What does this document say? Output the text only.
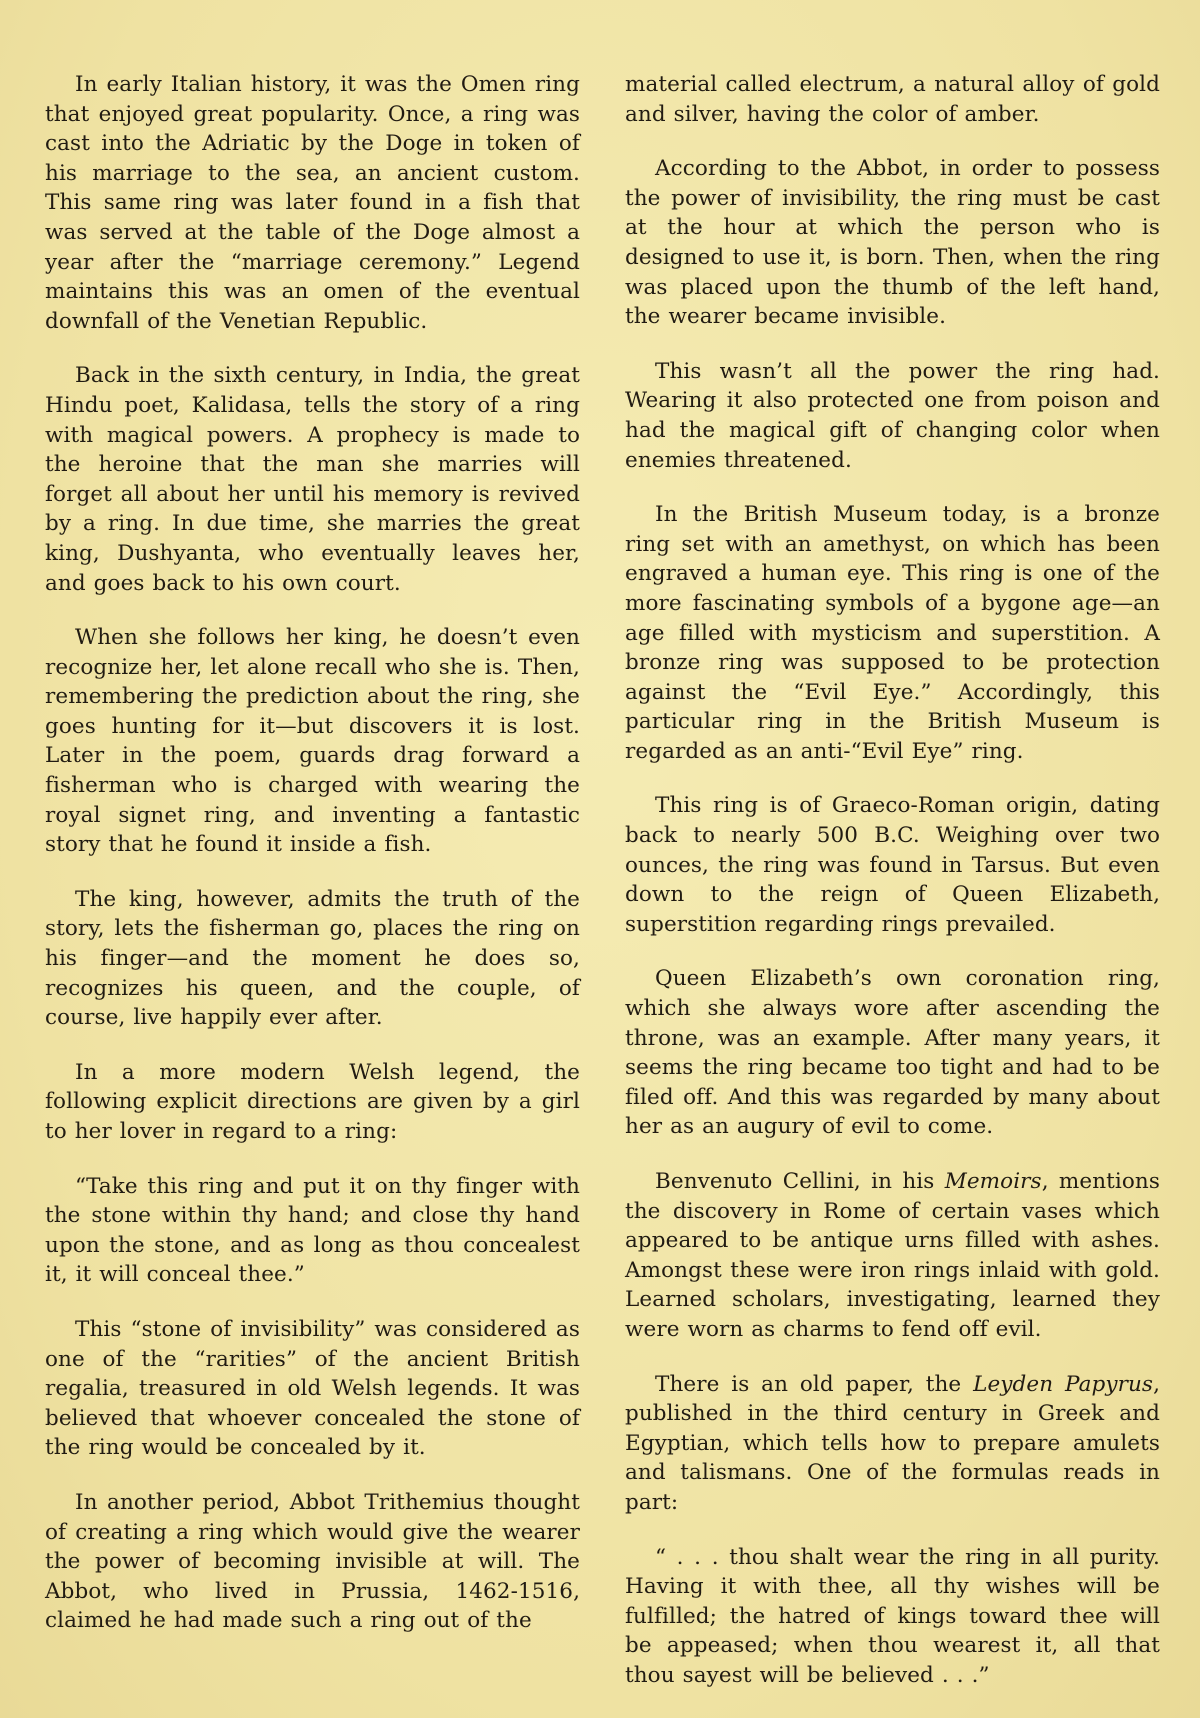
In early Italian history, it was the Omen ring that enjoyed great popularity. Once, a ring was cast into the Adriatic by the Doge in token of his marriage to the sea, an ancient custom. This same ring was later found in a fish that was served at the table of the Doge almost a year after the “marriage ceremony.” Legend maintains this was an omen of the eventual downfall of the Venetian Republic.

Back in the sixth century, in India, the great Hindu poet, Kalidasa, tells the story of a ring with magical powers. A prophecy is made to the heroine that the man she marries will forget all about her until his memory is revived by a ring. In due time, she marries the great king, Dushyanta, who eventually leaves her, and goes back to his own court.

When she follows her king, he doesn’t even recognize her, let alone recall who she is. Then, remembering the prediction about the ring, she goes hunting for it—but discovers it is lost. Later in the poem, guards drag forward a fisherman who is charged with wearing the royal signet ring, and inventing a fantastic story that he found it inside a fish.

The king, however, admits the truth of the story, lets the fisherman go, places the ring on his finger—and the moment he does so, recognizes his queen, and the couple, of course, live happily ever after.

In a more modern Welsh legend, the following explicit directions are given by a girl to her lover in regard to a ring:

“Take this ring and put it on thy finger with the stone within thy hand; and close thy hand upon the stone, and as long as thou concealest it, it will conceal thee.”

This “stone of invisibility” was considered as one of the “rarities” of the ancient British regalia, treasured in old Welsh legends. It was believed that whoever concealed the stone of the ring would be concealed by it.

In another period, Abbot Trithemius thought of creating a ring which would give the wearer the power of becoming invisible at will. The Abbot, who lived in Prussia, 1462-1516, claimed he had made such a ring out of the

material called electrum, a natural alloy of gold and silver, having the color of amber.

According to the Abbot, in order to possess the power of invisibility, the ring must be cast at the hour at which the person who is designed to use it, is born. Then, when the ring was placed upon the thumb of the left hand, the wearer became invisible.

This wasn’t all the power the ring had. Wearing it also protected one from poison and had the magical gift of changing color when enemies threatened.

In the British Museum today, is a bronze ring set with an amethyst, on which has been engraved a human eye. This ring is one of the more fascinating symbols of a bygone age—an age filled with mysticism and superstition. A bronze ring was supposed to be protection against the “Evil Eye.” Accordingly, this particular ring in the British Museum is regarded as an anti-“Evil Eye” ring.

This ring is of Graeco-Roman origin, dating back to nearly 500 B.C. Weighing over two ounces, the ring was found in Tarsus. But even down to the reign of Queen Elizabeth, superstition regarding rings prevailed.

Queen Elizabeth’s own coronation ring, which she always wore after ascending the throne, was an example. After many years, it seems the ring became too tight and had to be filed off. And this was regarded by many about her as an augury of evil to come.

Benvenuto Cellini, in his Memoirs, mentions the discovery in Rome of certain vases which appeared to be antique urns filled with ashes. Amongst these were iron rings inlaid with gold. Learned scholars, investigating, learned they were worn as charms to fend off evil.

There is an old paper, the Leyden Papyrus, published in the third century in Greek and Egyptian, which tells how to prepare amulets and talismans. One of the formulas reads in part:

“ . . . thou shalt wear the ring in all purity. Having it with thee, all thy wishes will be fulfilled; the hatred of kings toward thee will be appeased; when thou wearest it, all that thou sayest will be believed . . .”
